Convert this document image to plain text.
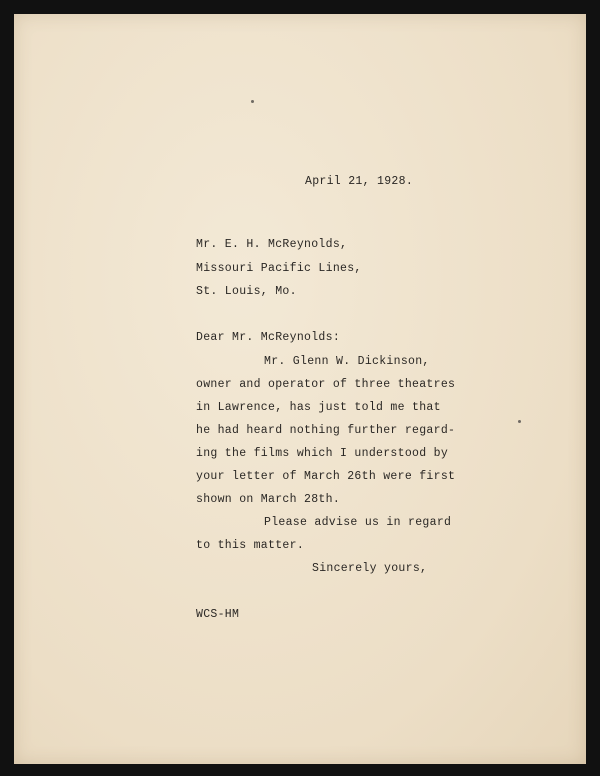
April 21, 1928.
Mr. E. H. McReynolds,
Missouri Pacific Lines,
St. Louis, Mo.
Dear Mr. McReynolds:
Mr. Glenn W. Dickinson,
owner and operator of three theatres
in Lawrence, has just told me that
he had heard nothing further regard-
ing the films which I understood by
your letter of March 26th were first
shown on March 28th.
Please advise us in regard
to this matter.
Sincerely yours,
WCS-HM
